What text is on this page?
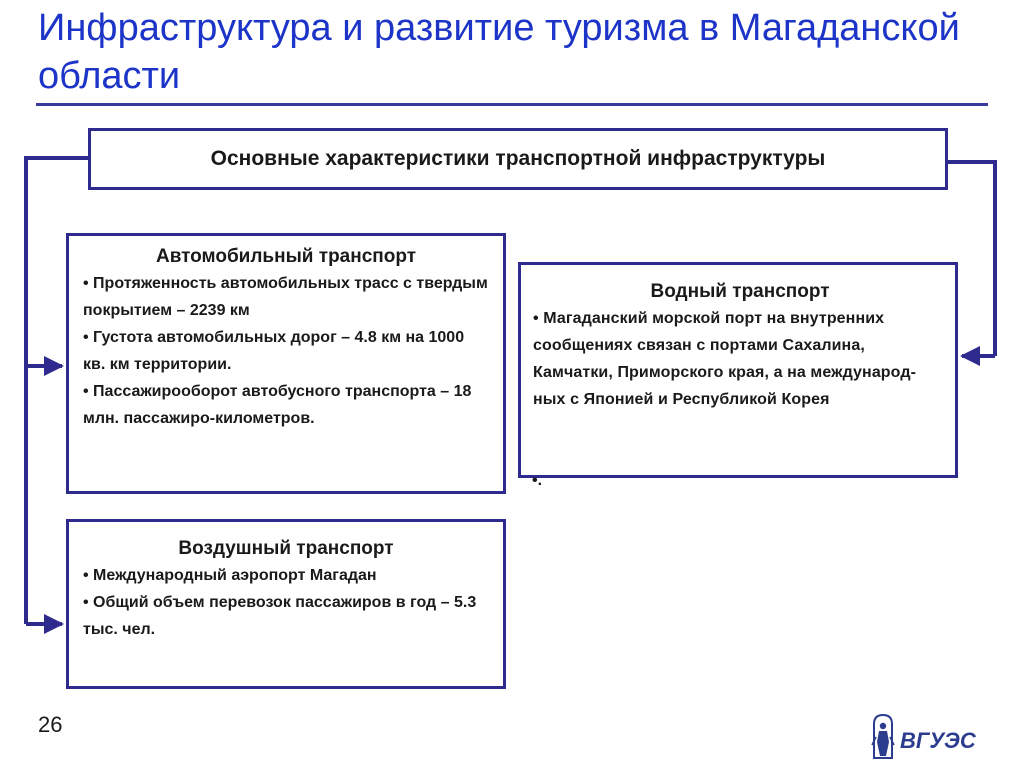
Инфраструктура и развитие туризма в Магаданской области
Основные характеристики транспортной инфраструктуры
Автомобильный транспорт

• Протяженность автомобильных трасс с твердым покрытием – 2239 км

• Густота автомобильных дорог – 4.8 км на 1000 кв. км территории.

• Пассажирооборот автобусного транспорта – 18 млн. пассажиро-километров.

Водный транспорт

• Магаданский морской порт на внутренних сообщениях связан с портами Сахалина, Камчатки, Приморского края, а на международ-ных с Японией и Республикой Корея

•.
Воздушный транспорт

• Международный аэропорт Магадан

• Общий объем перевозок пассажиров в год – 5.3 тыс. чел.

26
ВГУЭС
